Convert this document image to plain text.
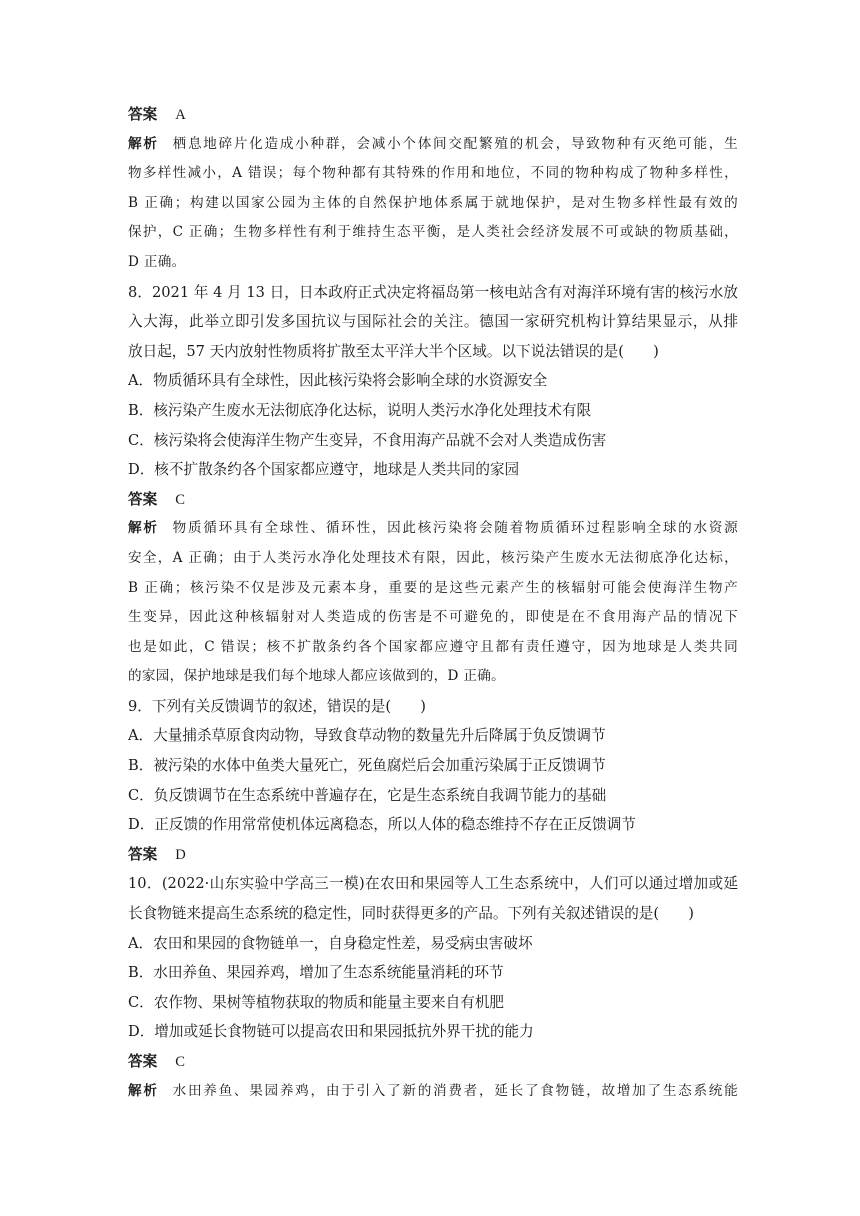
答案 A
解析 栖息地碎片化造成小种群，会减小个体间交配繁殖的机会，导致物种有灭绝可能，生
物多样性减小，A 错误；每个物种都有其特殊的作用和地位，不同的物种构成了物种多样性，
B 正确；构建以国家公园为主体的自然保护地体系属于就地保护，是对生物多样性最有效的
保护，C 正确；生物多样性有利于维持生态平衡，是人类社会经济发展不可或缺的物质基础，
D 正确。
8．2021 年 4 月 13 日，日本政府正式决定将福岛第一核电站含有对海洋环境有害的核污水放
入大海，此举立即引发多国抗议与国际社会的关注。德国一家研究机构计算结果显示，从排
放日起，57 天内放射性物质将扩散至太平洋大半个区域。以下说法错误的是(　　)
A．物质循环具有全球性，因此核污染将会影响全球的水资源安全
B．核污染产生废水无法彻底净化达标，说明人类污水净化处理技术有限
C．核污染将会使海洋生物产生变异，不食用海产品就不会对人类造成伤害
D．核不扩散条约各个国家都应遵守，地球是人类共同的家园
答案 C
解析 物质循环具有全球性、循环性，因此核污染将会随着物质循环过程影响全球的水资源
安全，A 正确；由于人类污水净化处理技术有限，因此，核污染产生废水无法彻底净化达标，
B 正确；核污染不仅是涉及元素本身，重要的是这些元素产生的核辐射可能会使海洋生物产
生变异，因此这种核辐射对人类造成的伤害是不可避免的，即使是在不食用海产品的情况下
也是如此，C 错误；核不扩散条约各个国家都应遵守且都有责任遵守，因为地球是人类共同
的家园，保护地球是我们每个地球人都应该做到的，D 正确。
9．下列有关反馈调节的叙述，错误的是(　　)
A．大量捕杀草原食肉动物，导致食草动物的数量先升后降属于负反馈调节
B．被污染的水体中鱼类大量死亡，死鱼腐烂后会加重污染属于正反馈调节
C．负反馈调节在生态系统中普遍存在，它是生态系统自我调节能力的基础
D．正反馈的作用常常使机体远离稳态，所以人体的稳态维持不存在正反馈调节
答案 D
10．(2022·山东实验中学高三一模)在农田和果园等人工生态系统中，人们可以通过增加或延
长食物链来提高生态系统的稳定性，同时获得更多的产品。下列有关叙述错误的是(　　)
A．农田和果园的食物链单一，自身稳定性差，易受病虫害破坏
B．水田养鱼、果园养鸡，增加了生态系统能量消耗的环节
C．农作物、果树等植物获取的物质和能量主要来自有机肥
D．增加或延长食物链可以提高农田和果园抵抗外界干扰的能力
答案 C
解析 水田养鱼、果园养鸡，由于引入了新的消费者，延长了食物链，故增加了生态系统能
